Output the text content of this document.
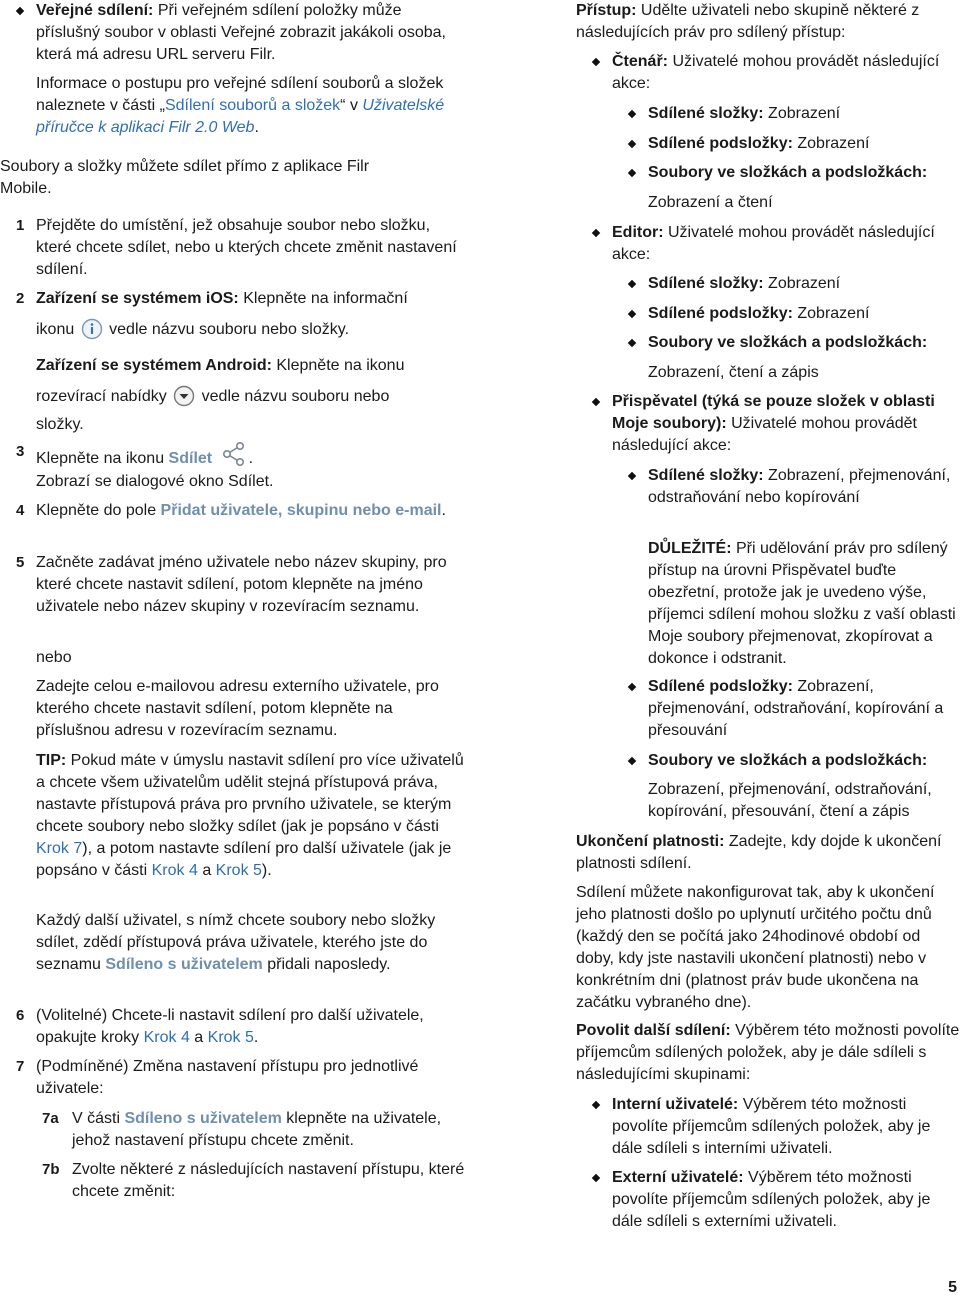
Veřejné sdílení: Při veřejném sdílení položky může příslušný soubor v oblasti Veřejné zobrazit jakákoli osoba, která má adresu URL serveru Filr.
Informace o postupu pro veřejné sdílení souborů a složek naleznete v části „Sdílení souborů a složek“ v Uživatelské příručce k aplikaci Filr 2.0 Web.

Soubory a složky můžete sdílet přímo z aplikace Filr Mobile.

1 Přejděte do umístění, jež obsahuje soubor nebo složku, které chcete sdílet, nebo u kterých chcete změnit nastavení sdílení.
2 Zařízení se systémem iOS: Klepněte na informační
ikonu vedle názvu souboru nebo složky.
Zařízení se systémem Android: Klepněte na ikonu
rozevírací nabídky vedle názvu souboru nebo
složky.
3 Klepněte na ikonu Sdílet .

Zobrazí se dialogové okno Sdílet.

4 Klepněte do pole Přidat uživatele, skupinu nebo e-mail.
5 Začněte zadávat jméno uživatele nebo název skupiny, pro které chcete nastavit sdílení, potom klepněte na jméno uživatele nebo název skupiny v rozevíracím seznamu.

nebo

Zadejte celou e-mailovou adresu externího uživatele, pro kterého chcete nastavit sdílení, potom klepněte na příslušnou adresu v rozevíracím seznamu.

TIP: Pokud máte v úmyslu nastavit sdílení pro více uživatelů a chcete všem uživatelům udělit stejná přístupová práva, nastavte přístupová práva pro prvního uživatele, se kterým chcete soubory nebo složky sdílet (jak je popsáno v části Krok 7), a potom nastavte sdílení pro další uživatele (jak je popsáno v části Krok 4 a Krok 5).
Každý další uživatel, s nímž chcete soubory nebo složky sdílet, zdědí přístupová práva uživatele, kterého jste do seznamu Sdíleno s uživatelem přidali naposledy.
6 (Volitelné) Chcete-li nastavit sdílení pro další uživatele, opakujte kroky Krok 4 a Krok 5.
7 (Podmíněné) Změna nastavení přístupu pro jednotlivé uživatele:
7a V části Sdíleno s uživatelem klepněte na uživatele, jehož nastavení přístupu chcete změnit.
7b Zvolte některé z následujících nastavení přístupu, které chcete změnit:
Přístup: Udělte uživateli nebo skupině některé z následujících práv pro sdílený přístup:
Čtenář: Uživatelé mohou provádět následující akce:
Sdílené složky: Zobrazení
Sdílené podsložky: Zobrazení
Soubory ve složkách a podsložkách:

Zobrazení a čtení

Editor: Uživatelé mohou provádět následující akce:
Sdílené složky: Zobrazení
Sdílené podsložky: Zobrazení
Soubory ve složkách a podsložkách:

Zobrazení, čtení a zápis

Přispěvatel (týká se pouze složek v oblasti Moje soubory): Uživatelé mohou provádět následující akce:
Sdílené složky: Zobrazení, přejmenování, odstraňování nebo kopírování
DŮLEŽITÉ: Při udělování práv pro sdílený přístup na úrovni Přispěvatel buďte obezřetní, protože jak je uvedeno výše, příjemci sdílení mohou složku z vaší oblasti Moje soubory přejmenovat, zkopírovat a dokonce i odstranit.
Sdílené podsložky: Zobrazení, přejmenování, odstraňování, kopírování a přesouvání
Soubory ve složkách a podsložkách:

Zobrazení, přejmenování, odstraňování, kopírování, přesouvání, čtení a zápis

Ukončení platnosti: Zadejte, kdy dojde k ukončení platnosti sdílení.

Sdílení můžete nakonfigurovat tak, aby k ukončení jeho platnosti došlo po uplynutí určitého počtu dnů (každý den se počítá jako 24hodinové období od doby, kdy jste nastavili ukončení platnosti) nebo v konkrétním dni (platnost práv bude ukončena na začátku vybraného dne).

Povolit další sdílení: Výběrem této možnosti povolíte příjemcům sdílených položek, aby je dále sdíleli s následujícími skupinami:
Interní uživatelé: Výběrem této možnosti povolíte příjemcům sdílených položek, aby je dále sdíleli s interními uživateli.
Externí uživatelé: Výběrem této možnosti povolíte příjemcům sdílených položek, aby je dále sdíleli s externími uživateli.
5
